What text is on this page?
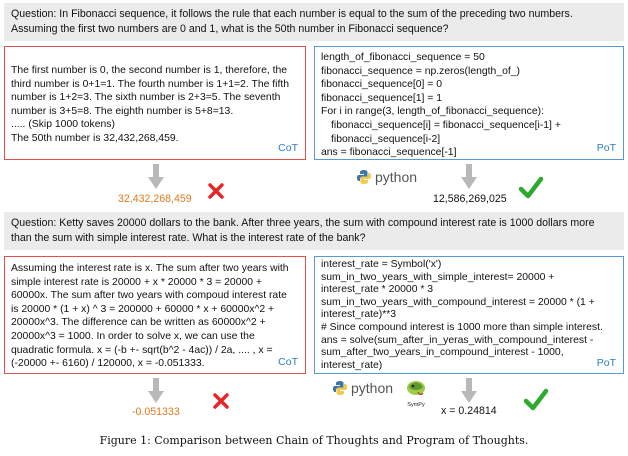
Question: In Fibonacci sequence, it follows the rule that each number is equal to the sum of the preceding two numbers.
Assuming the first two numbers are 0 and 1, what is the 50th number in Fibonacci sequence?
The first number is 0, the second number is 1, therefore, the
third number is 0+1=1. The fourth number is 1+1=2. The fifth
number is 1+2=3. The sixth number is 2+3=5. The seventh
number is 3+5=8. The eighth number is 5+8=13.
..... (Skip 1000 tokens)
The 50th number is 32,432,268,459.
CoT
length_of_fibonacci_sequence = 50
fibonacci_sequence = np.zeros(length_of_)
fibonacci_sequence[0] = 0
fibonacci_sequence[1] = 1
For i in range(3, length_of_fibonacci_sequence):
fibonacci_sequence[i] = fibonacci_sequence[i-1] +
fibonacci_sequence[i-2]
ans = fibonacci_sequence[-1]	PoT
32,432,268,459
python
12,586,269,025
Question: Ketty saves 20000 dollars to the bank. After three years, the sum with compound interest rate is 1000 dollars more
than the sum with simple interest rate. What is the interest rate of the bank?
Assuming the interest rate is x. The sum after two years with
simple interest rate is 20000 + x * 20000 * 3 = 20000 +
60000x. The sum after two years with compoud interest rate
is 20000 * (1 + x) ^ 3 = 200000 + 60000 * x + 60000x^2 +
20000x^3. The difference can be written as 60000x^2 +
20000x^3 = 1000. In order to solve x, we can use the
quadratic formula. x = (-b +- sqrt(b^2 - 4ac)) / 2a, .... , x =
(-20000 +- 6160) / 120000, x = -0.051333.	CoT
interest_rate = Symbol('x')
sum_in_two_years_with_simple_interest= 20000 +
interest_rate * 20000 * 3
sum_in_two_years_with_compound_interest = 20000 * (1 +
interest_rate)**3
# Since compound interest is 1000 more than simple interest.
ans = solve(sum_after_in_yeras_with_compound_interest -
sum_after_two_years_in_compound_interest - 1000,
interest_rate)	PoT
-0.051333
python
SymPy	x = 0.24814
Figure 1: Comparison between Chain of Thoughts and Program of Thoughts.
